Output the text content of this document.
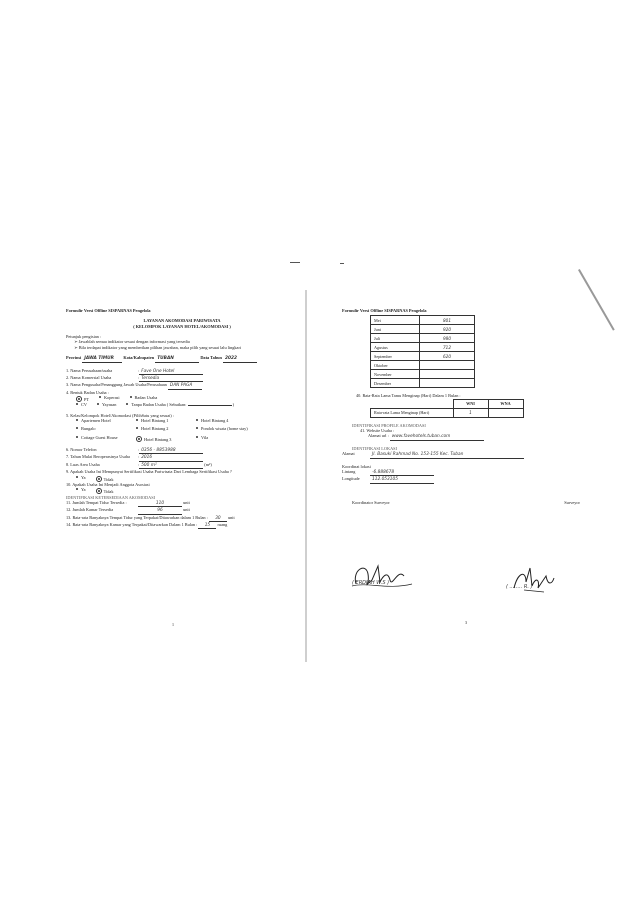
Formulir Versi Offline SISPARNAS Pengelola
LAYANAN AKOMODASI PARIWISATA
( KELOMPOK LAYANAN HOTEL/AKOMODASI )
Petunjuk pengisian :
➢ Jawablah semua indikator sesuai dengan informasi yang tersedia
➢ Bila terdapat indikator yang memberikan pilihan jawaban, maka pilih yang sesuai lalu lingkari
Provinsi
JAWA TIMUR
	Kota/Kabupaten
TUBAN
	Data Tahun
2022
1. Nama Perusahaan/usaha	: Fave One Hotel
2. Nama Komersial Usaha	: Tersedia
3. Nama Pengusaha/Penanggung Jawab Usaha/Perusahaan
DAN PAGA
4. Bentuk Badan Usaha :
PT	Koperasi	Badan Usaha
CV	Yayasan	Tanpa Badan Usaha ( Sebutkan:	)
5. Kelas/Kelompok Hotel/Akomodasi (PilihSatu yang sesuai) :
Apartemen Hotel	Hotel Bintang 1	Hotel Bintang 4
Bungalo	Hotel Bintang 2	Pondok wisata (home stay)
Cottage Guest House	Hotel Bintang 3	Vila
6. Nomor Telefon	: 0356 - 8853988
7. Tahun Mulai Beroperasinya Usaha	: 2016
8. Luas Area Usaha	: 500 m²
	(m²)
9. Apakah Usaha Ini Mempunyai Sertifikasi Usaha Pariwisata Dari Lembaga Sertifikasi Usaha ?
Ya	Tidak
10. Apakah Usaha Ini Menjadi Anggota Asosiasi
Ya	Tidak
IDENTIFIKASI KETERSEDIAAN AKOMODASI
11. Jumlah Tempat Tidur Tersedia :	110
	unit
12. Jumlah Kamar Tersedia	96
	unit
13. Rata-rata Banyaknya Tempat Tidur yang Terpakai/Ditawarkan dalam 1 Bulan :
	30
	unit
14. Rata-rata Banyaknya Kamar yang Terpakai/Ditawarkan Dalam 1 Bulan :
	15
	ruang
1
Formulir Versi Offline SISPARNAS Pengelola
Mei	801
Juni	920
Juli	980
Agustus	712
September	620
Oktober	
November	
Desember	
40. Rata-Rata Lama Tamu Menginap (Hari) Dalam 1 Bulan :
	WNI	WNA
Rata-rata Lama Menginap (Hari)	1	
IDENTIFIKASI PROFILE AKOMODASI
41. Website Usaha :
Alamat url :
www.favehotels.tuban.com
IDENTIFIKASI LOKASI
Alamat	Jl. Basuki Rahmad No. 153-155 Kec. Tuban
Koordinat lokasi
Lintang	-6.888678
Longitude	112.053105
Koordinator Surveyor	Surveyor
( ERDIAH W.S )
( ........ R. )
3
